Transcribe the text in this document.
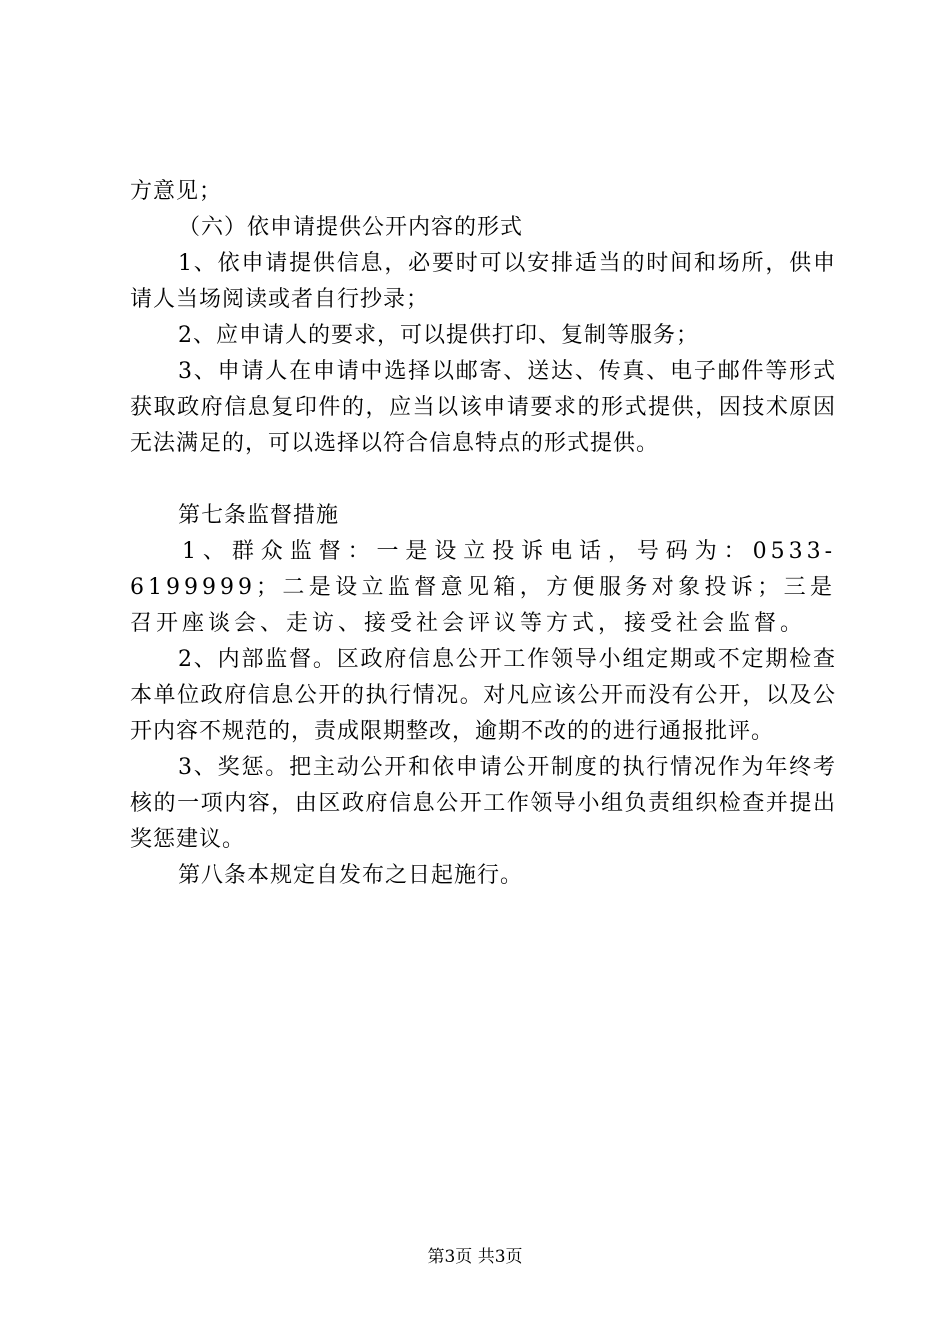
方意见；

（六）依申请提供公开内容的形式

1、依申请提供信息，必要时可以安排适当的时间和场所，供申请人当场阅读或者自行抄录；

2、应申请人的要求，可以提供打印、复制等服务；

3、申请人在申请中选择以邮寄、送达、传真、电子邮件等形式获取政府信息复印件的，应当以该申请要求的形式提供，因技术原因无法满足的，可以选择以符合信息特点的形式提供。

第七条监督措施

1、群众监督：一是设立投诉电话，号码为：0533-6199999；二是设立监督意见箱，方便服务对象投诉；三是召开座谈会、走访、接受社会评议等方式，接受社会监督。

2、内部监督。区政府信息公开工作领导小组定期或不定期检查本单位政府信息公开的执行情况。对凡应该公开而没有公开，以及公开内容不规范的，责成限期整改，逾期不改的的进行通报批评。

3、奖惩。把主动公开和依申请公开制度的执行情况作为年终考核的一项内容，由区政府信息公开工作领导小组负责组织检查并提出奖惩建议。

第八条本规定自发布之日起施行。

第3页 共3页
